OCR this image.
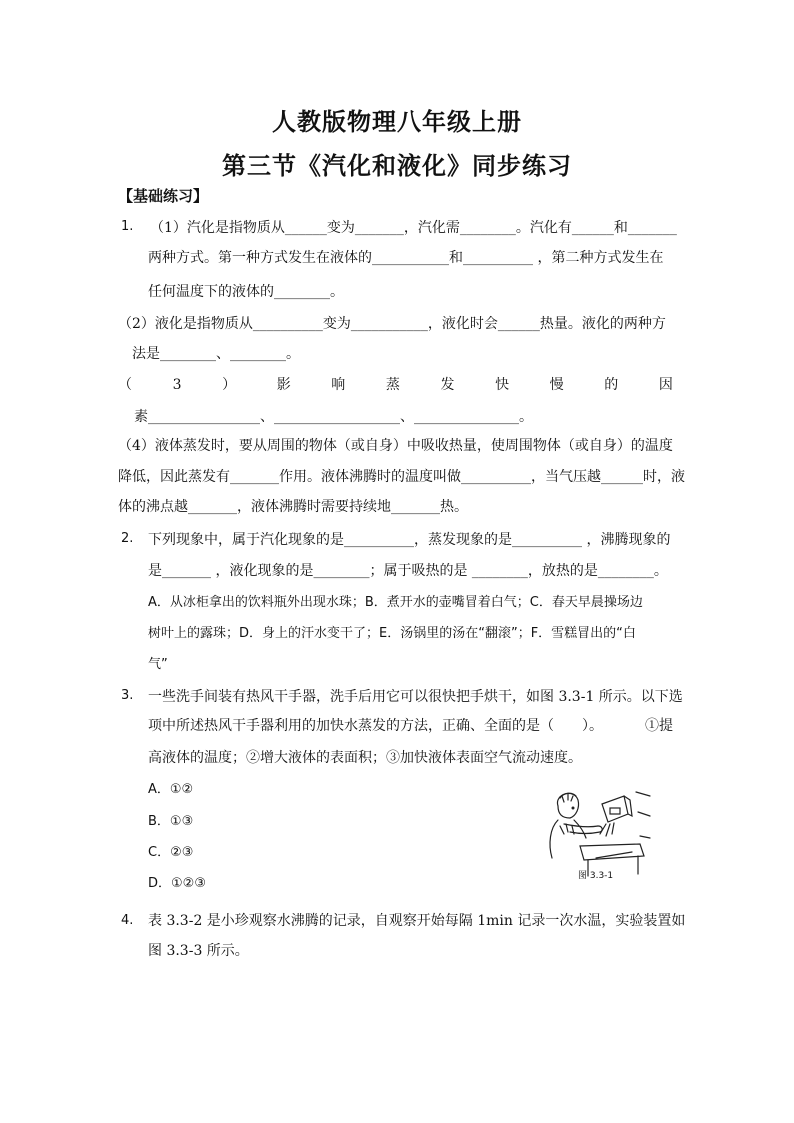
人教版物理八年级上册
第三节《汽化和液化》同步练习
【基础练习】
1. （1）汽化是指物质从______变为_______，汽化需________。汽化有______和_______
两种方式。第一种方式发生在液体的___________和__________ ，第二种方式发生在
任何温度下的液体的________。
（2）液化是指物质从__________变为___________，液化时会______热量。液化的两种方
法是________、________。
（	3	）	影	响	蒸	发	快	慢	的	因
素________________、__________________、_______________。
（4）液体蒸发时，要从周围的物体（或自身）中吸收热量，使周围物体（或自身）的温度
降低，因此蒸发有_______作用。液体沸腾时的温度叫做__________，当气压越______时，液
体的沸点越_______，液体沸腾时需要持续地_______热。
2. 下列现象中，属于汽化现象的是__________，蒸发现象的是__________ ，沸腾现象的
是_______ ，液化现象的是________；属于吸热的是 ________，放热的是________。
A．从冰柜拿出的饮料瓶外出现水珠；B．煮开水的壶嘴冒着白气；C．春天早晨操场边
树叶上的露珠；D．身上的汗水变干了；E．汤锅里的汤在“翻滚”；F．雪糕冒出的“白
气”
3. 一些洗手间装有热风干手器，洗手后用它可以很快把手烘干，如图 3.3-1 所示。以下选
项中所述热风干手器利用的加快水蒸发的方法，正确、全面的是（　　）。	①提
高液体的温度；②增大液体的表面积；③加快液体表面空气流动速度。
A．①②
B．①③
C．②③
D．①②③	图 3.3-1
4. 表 3.3-2 是小珍观察水沸腾的记录，自观察开始每隔 1min 记录一次水温，实验装置如
图 3.3-3 所示。
